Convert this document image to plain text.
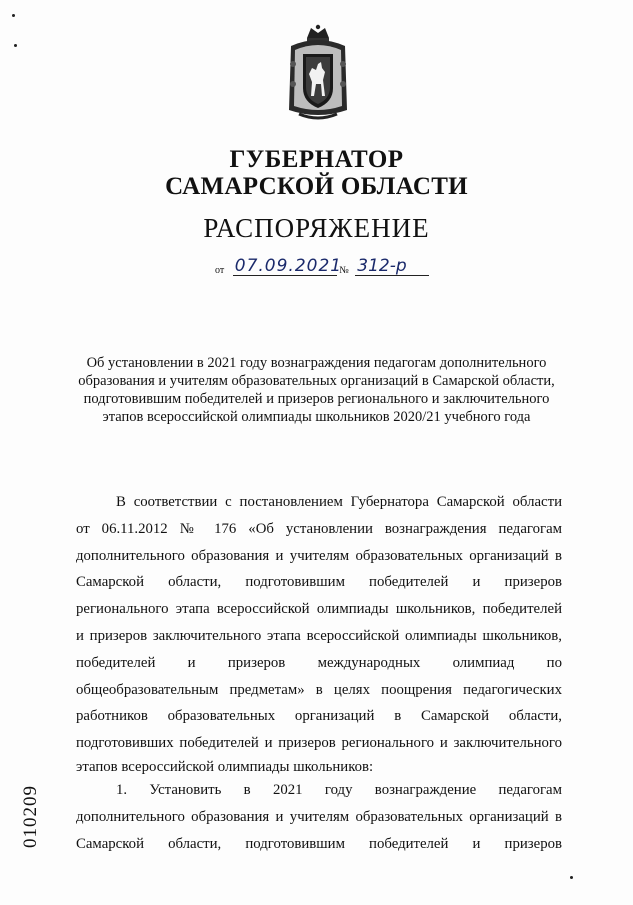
ГУБЕРНАТОР
САМАРСКОЙ ОБЛАСТИ
РАСПОРЯЖЕНИЕ
от 07.09.2021 № 312-р
Об установлении в 2021 году вознаграждения педагогам дополнительного
образования и учителям образовательных организаций в Самарской области,
подготовившим победителей и призеров регионального и заключительного
этапов всероссийской олимпиады школьников 2020/21 учебного года
В соответствии с постановлением Губернатора Самарской области
от 06.11.2012 № 176 «Об установлении вознаграждения педагогам
дополнительного образования и учителям образовательных организаций в
Самарской области, подготовившим победителей и призеров
регионального этапа всероссийской олимпиады школьников, победителей
и призеров заключительного этапа всероссийской олимпиады школьников,
победителей и призеров международных олимпиад по
общеобразовательным предметам» в целях поощрения педагогических
работников образовательных организаций в Самарской области,
подготовивших победителей и призеров регионального и заключительного
этапов всероссийской олимпиады школьников:
1. Установить в 2021 году вознаграждение педагогам
дополнительного образования и учителям образовательных организаций в
Самарской области, подготовившим победителей и призеров
010209
